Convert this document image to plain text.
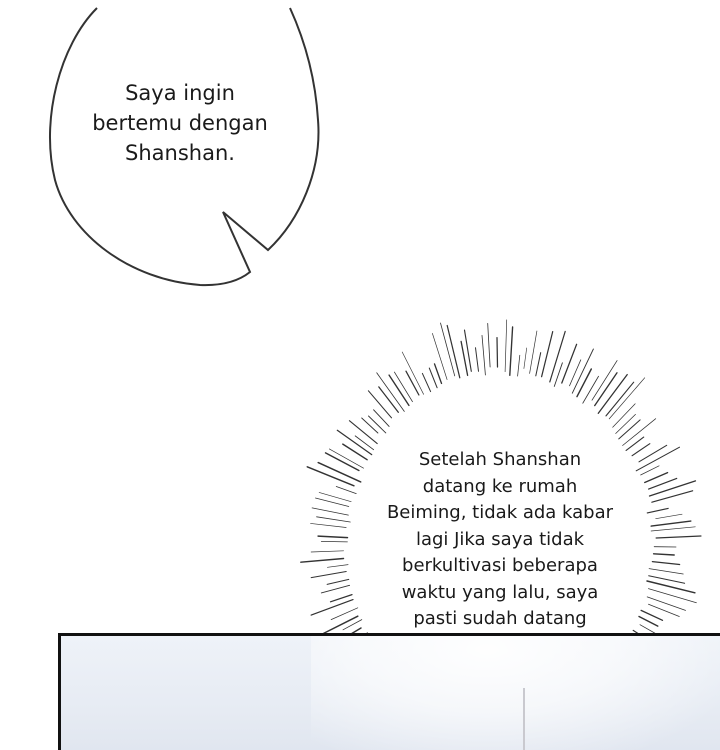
Saya ingin
bertemu dengan
Shanshan.
Setelah Shanshan
datang ke rumah
Beiming, tidak ada kabar
lagi Jika saya tidak
berkultivasi beberapa
waktu yang lalu, saya
pasti sudah datang
